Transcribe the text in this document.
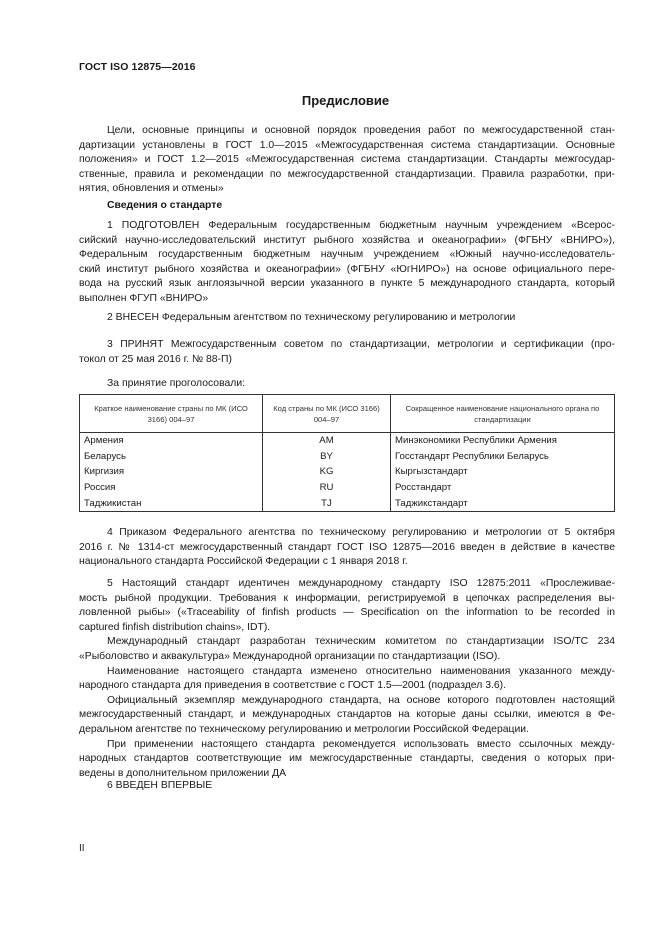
ГОСТ ISO 12875—2016
Предисловие
Цели, основные принципы и основной порядок проведения работ по межгосударственной стан-
дартизации установлены в ГОСТ 1.0—2015 «Межгосударственная система стандартизации. Основные
положения» и ГОСТ 1.2—2015 «Межгосударственная система стандартизации. Стандарты межгосудар-
ственные, правила и рекомендации по межгосударственной стандартизации. Правила разработки, при-
нятия, обновления и отмены»
Сведения о стандарте
1 ПОДГОТОВЛЕН Федеральным государственным бюджетным научным учреждением «Всерос-
сийский научно-исследовательский институт рыбного хозяйства и океанографии» (ФГБНУ «ВНИРО»),
Федеральным государственным бюджетным научным учреждением «Южный научно-исследователь-
ский институт рыбного хозяйства и океанографии» (ФГБНУ «ЮгНИРО») на основе официального пере-
вода на русский язык англоязычной версии указанного в пункте 5 международного стандарта, который
выполнен ФГУП «ВНИРО»
2 ВНЕСЕН Федеральным агентством по техническому регулированию и метрологии
3 ПРИНЯТ Межгосударственным советом по стандартизации, метрологии и сертификации (про-
токол от 25 мая 2016 г. № 88-П)
За принятие проголосовали:
Краткое наименование страны по МК (ИСО 3166) 004–97	Код страны по МК (ИСО 3166) 004–97	Сокращенное наименование национального органа по стандартизации
Армения	AM	Минэкономики Республики Армения
Беларусь	BY	Госстандарт Республики Беларусь
Киргизия	KG	Кыргызстандарт
Россия	RU	Росстандарт
Таджикистан	TJ	Таджикстандарт
4 Приказом Федерального агентства по техническому регулированию и метрологии от 5 октября
2016 г. № 1314-ст межгосударственный стандарт ГОСТ ISO 12875—2016 введен в действие в качестве
национального стандарта Российской Федерации с 1 января 2018 г.
5 Настоящий стандарт идентичен международному стандарту ISO 12875:2011 «Прослеживае-
мость рыбной продукции. Требования к информации, регистрируемой в цепочках распределения вы-
ловленной рыбы» («Traceability of finfish products — Specification on the information to be recorded in
captured finfish distribution chains», IDT).
Международный стандарт разработан техническим комитетом по стандартизации ISO/TC 234
«Рыболовство и аквакультура» Международной организации по стандартизации (ISO).
Наименование настоящего стандарта изменено относительно наименования указанного между-
народного стандарта для приведения в соответствие с ГОСТ 1.5—2001 (подраздел 3.6).
Официальный экземпляр международного стандарта, на основе которого подготовлен настоящий
межгосударственный стандарт, и международных стандартов на которые даны ссылки, имеются в Фе-
деральном агентстве по техническому регулированию и метрологии Российской Федерации.
При применении настоящего стандарта рекомендуется использовать вместо ссылочных между-
народных стандартов соответствующие им межгосударственные стандарты, сведения о которых при-
ведены в дополнительном приложении ДА
6 ВВЕДЕН ВПЕРВЫЕ
II
